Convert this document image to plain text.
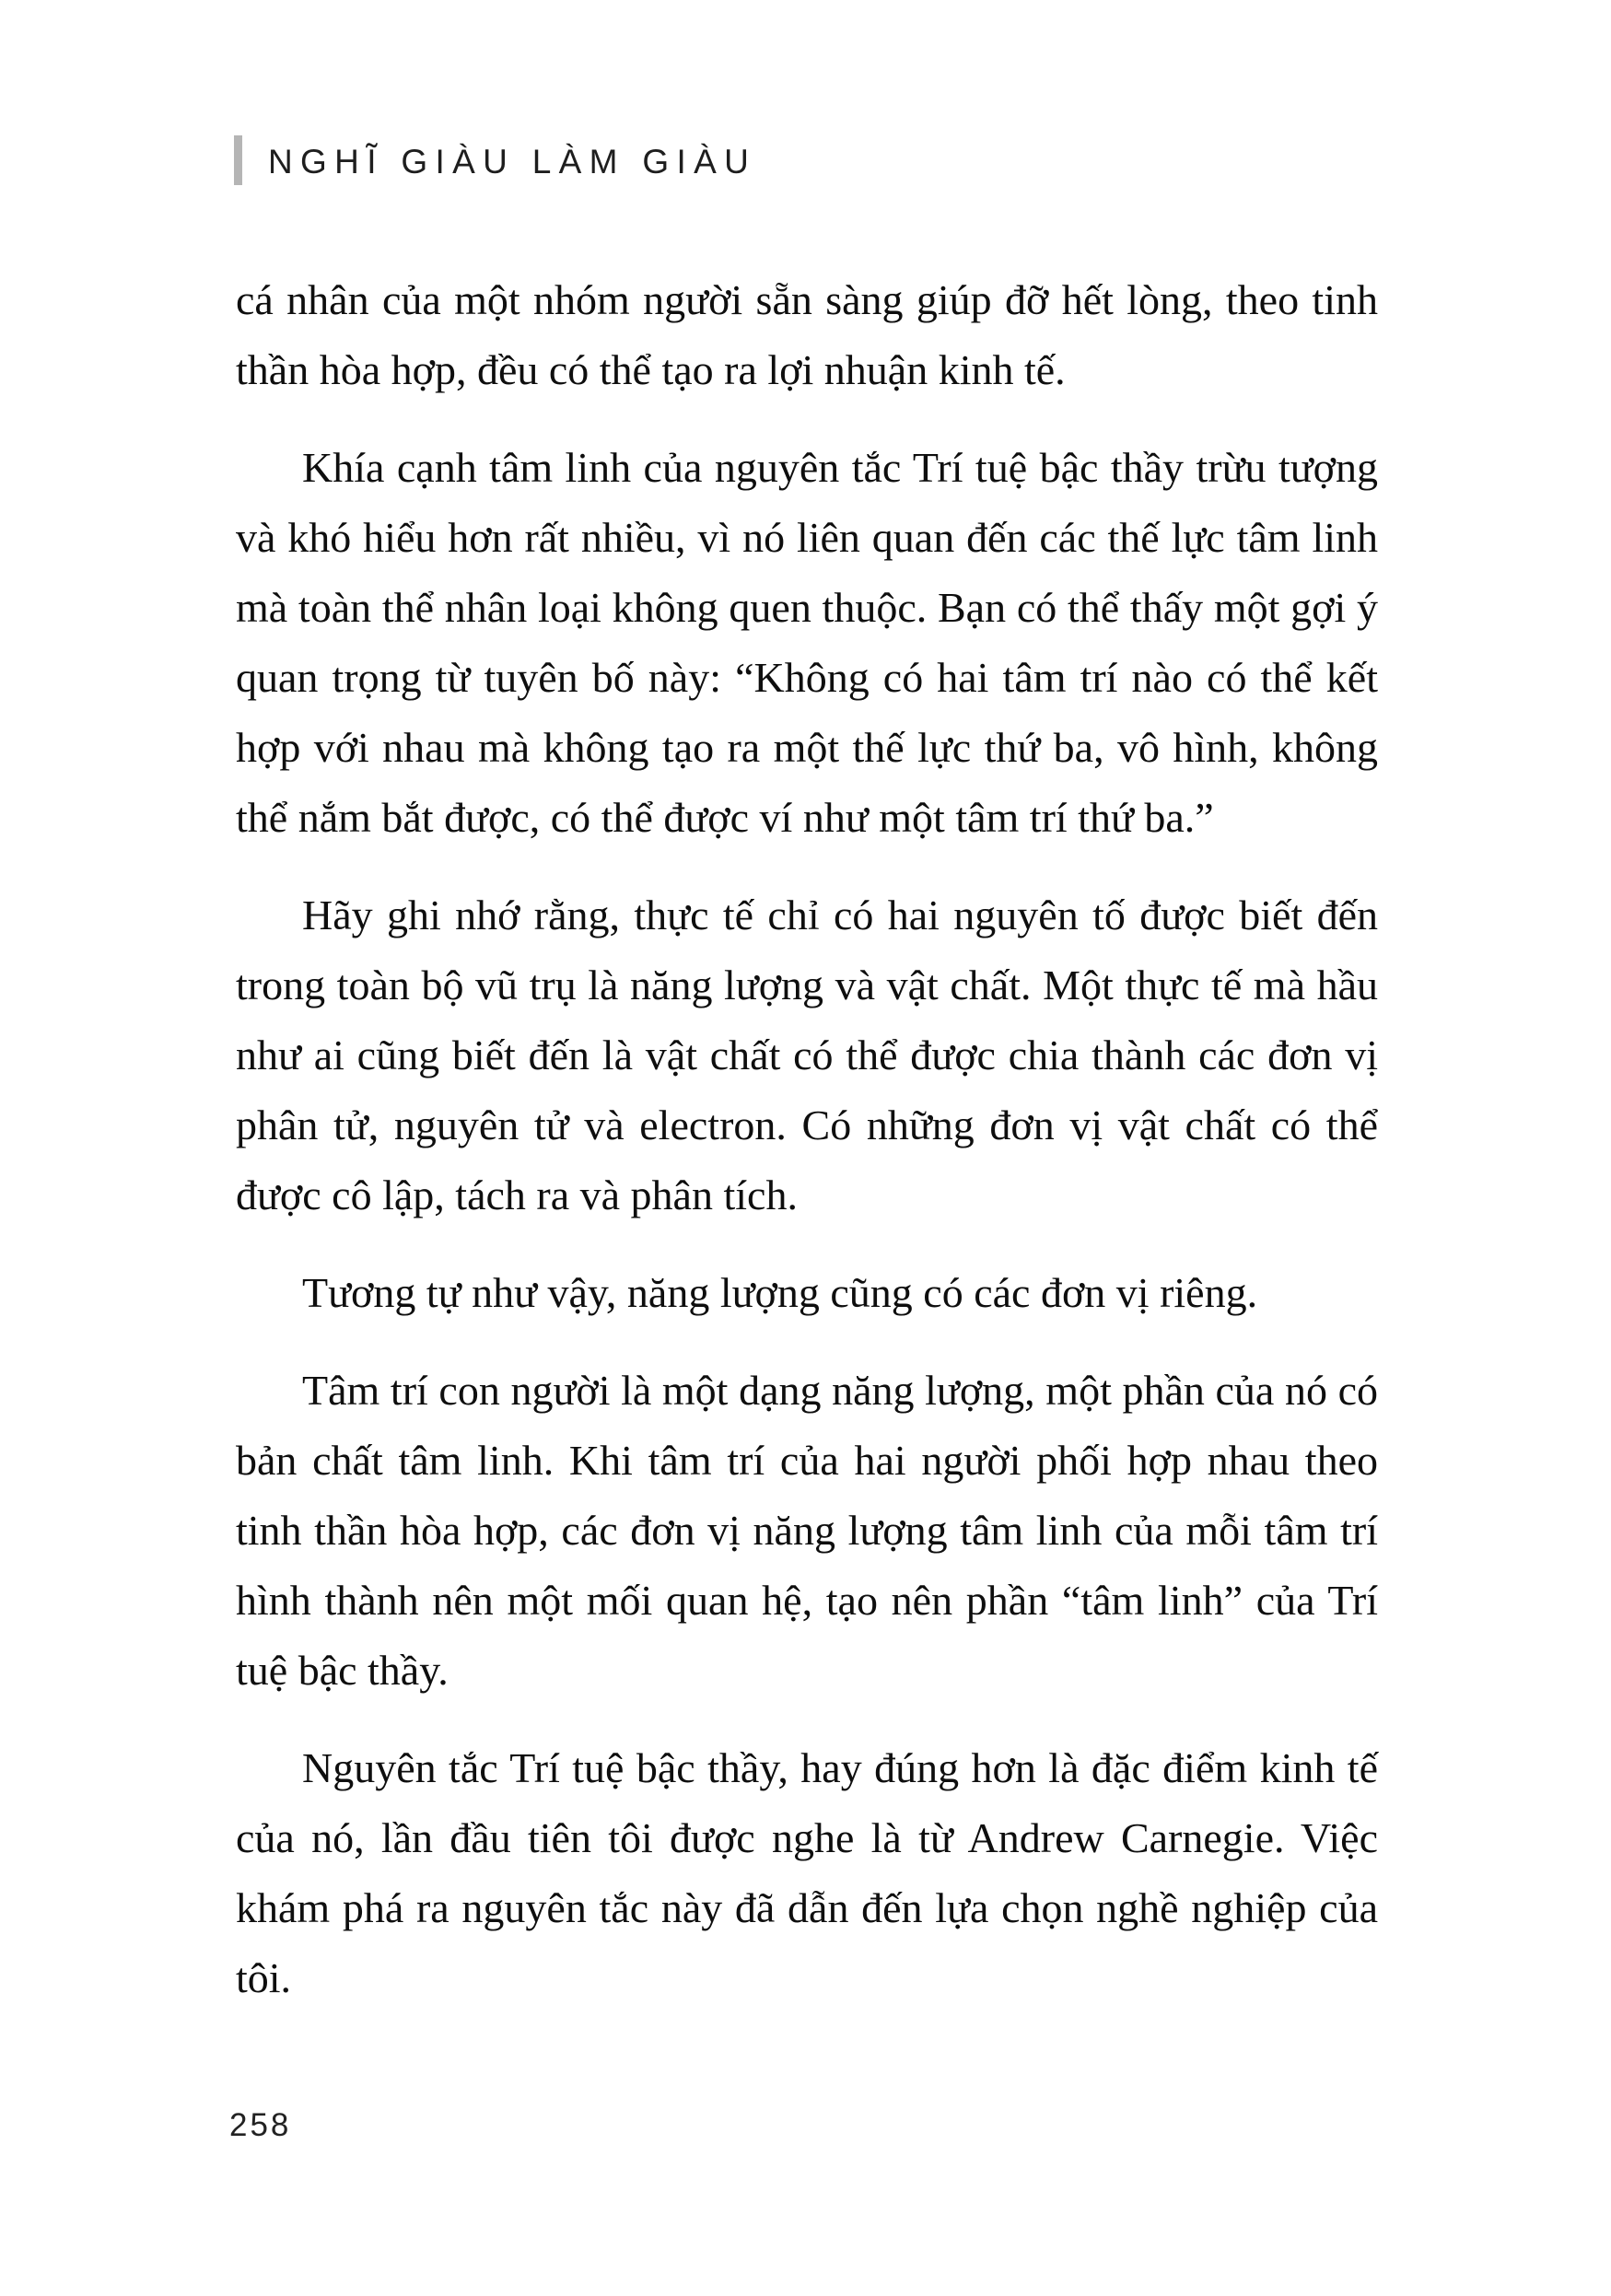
NGHĨ GIÀU LÀM GIÀU

cá nhân của một nhóm người sẵn sàng giúp đỡ hết lòng, theo tinh thần hòa hợp, đều có thể tạo ra lợi nhuận kinh tế.

Khía cạnh tâm linh của nguyên tắc Trí tuệ bậc thầy trừu tượng và khó hiểu hơn rất nhiều, vì nó liên quan đến các thế lực tâm linh mà toàn thể nhân loại không quen thuộc. Bạn có thể thấy một gợi ý quan trọng từ tuyên bố này: “Không có hai tâm trí nào có thể kết hợp với nhau mà không tạo ra một thế lực thứ ba, vô hình, không thể nắm bắt được, có thể được ví như một tâm trí thứ ba.”

Hãy ghi nhớ rằng, thực tế chỉ có hai nguyên tố được biết đến trong toàn bộ vũ trụ là năng lượng và vật chất. Một thực tế mà hầu như ai cũng biết đến là vật chất có thể được chia thành các đơn vị phân tử, nguyên tử và electron. Có những đơn vị vật chất có thể được cô lập, tách ra và phân tích.

Tương tự như vậy, năng lượng cũng có các đơn vị riêng.

Tâm trí con người là một dạng năng lượng, một phần của nó có bản chất tâm linh. Khi tâm trí của hai người phối hợp nhau theo tinh thần hòa hợp, các đơn vị năng lượng tâm linh của mỗi tâm trí hình thành nên một mối quan hệ, tạo nên phần “tâm linh” của Trí tuệ bậc thầy.

Nguyên tắc Trí tuệ bậc thầy, hay đúng hơn là đặc điểm kinh tế của nó, lần đầu tiên tôi được nghe là từ Andrew Carnegie. Việc khám phá ra nguyên tắc này đã dẫn đến lựa chọn nghề nghiệp của tôi.

258
